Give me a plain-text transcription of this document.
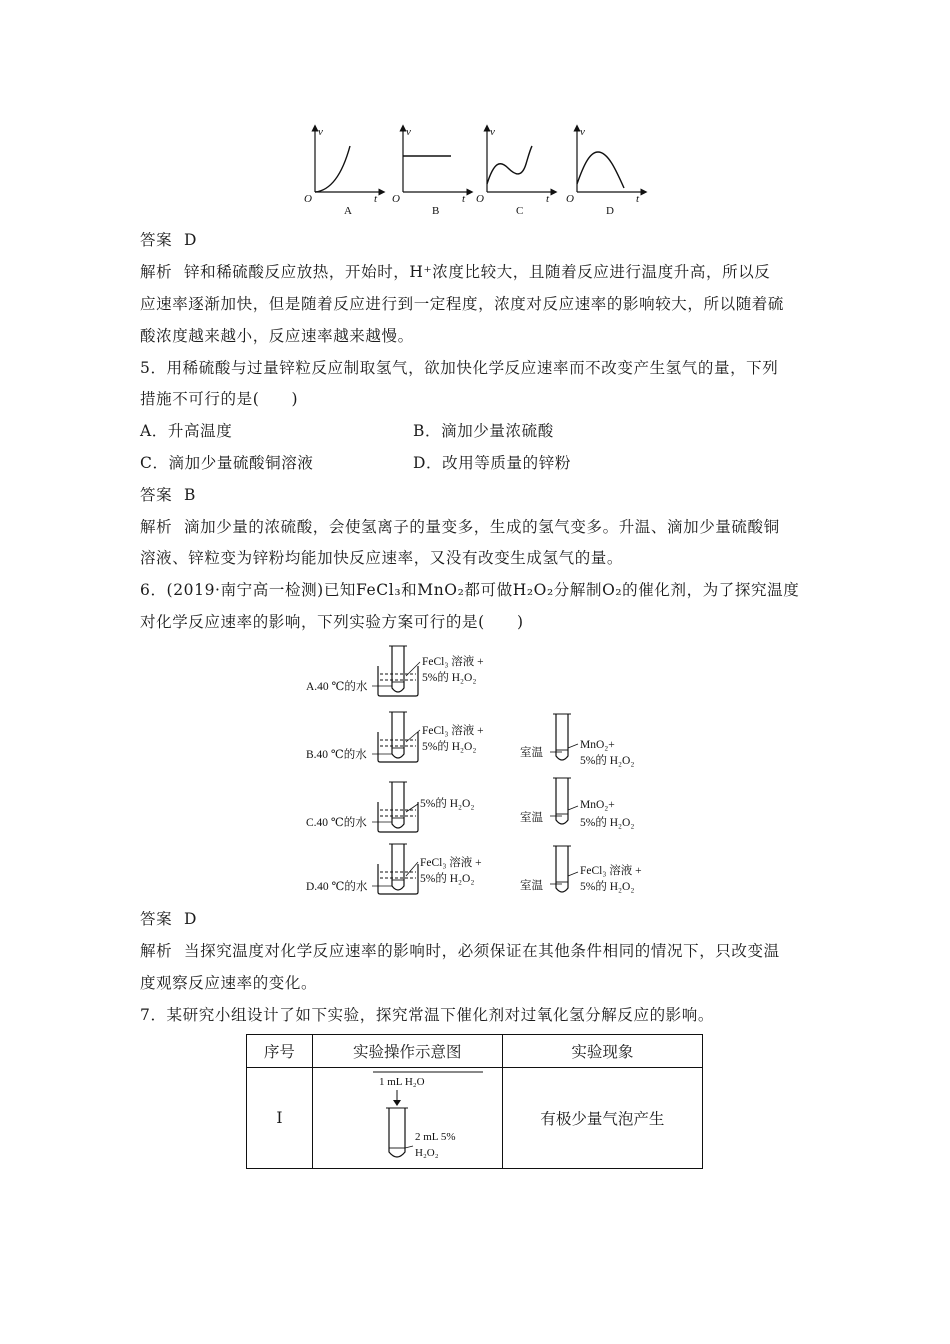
v
O	t
A
v
O	t
B
v
O	t
C
v
O	t
D
答案 D
解析 锌和稀硫酸反应放热，开始时，H⁺浓度比较大，且随着反应进行温度升高，所以反
应速率逐渐加快，但是随着反应进行到一定程度，浓度对反应速率的影响较大，所以随着硫
酸浓度越来越小，反应速率越来越慢。
5．用稀硫酸与过量锌粒反应制取氢气，欲加快化学反应速率而不改变产生氢气的量，下列
措施不可行的是(　　)
A．升高温度	B．滴加少量浓硫酸
C．滴加少量硫酸铜溶液	D．改用等质量的锌粉
答案 B
解析 滴加少量的浓硫酸，会使氢离子的量变多，生成的氢气变多。升温、滴加少量硫酸铜
溶液、锌粒变为锌粉均能加快反应速率，又没有改变生成氢气的量。
6．(2019·南宁高一检测)已知FeCl₃和MnO₂都可做H₂O₂分解制O₂的催化剂，为了探究温度
对化学反应速率的影响，下列实验方案可行的是(　　)
A.40 ℃的水
FeCl₃ 溶液 +
5%的 H₂O₂
B.40 ℃的水
FeCl₃ 溶液 +
5%的 H₂O₂	室温
MnO₂+
5%的 H₂O₂
C.40 ℃的水
5%的 H₂O₂
室温
MnO₂+
5%的 H₂O₂
D.40 ℃的水
FeCl₃ 溶液 +
5%的 H₂O₂
室温
FeCl₃ 溶液 +
5%的 H₂O₂
答案 D
解析 当探究温度对化学反应速率的影响时，必须保证在其他条件相同的情况下，只改变温
度观察反应速率的变化。
7．某研究小组设计了如下实验，探究常温下催化剂对过氧化氢分解反应的影响。
序号	实验操作示意图	实验现象
Ⅰ	1 mL H₂O
2 mL 5%
H₂O₂	有极少量气泡产生
